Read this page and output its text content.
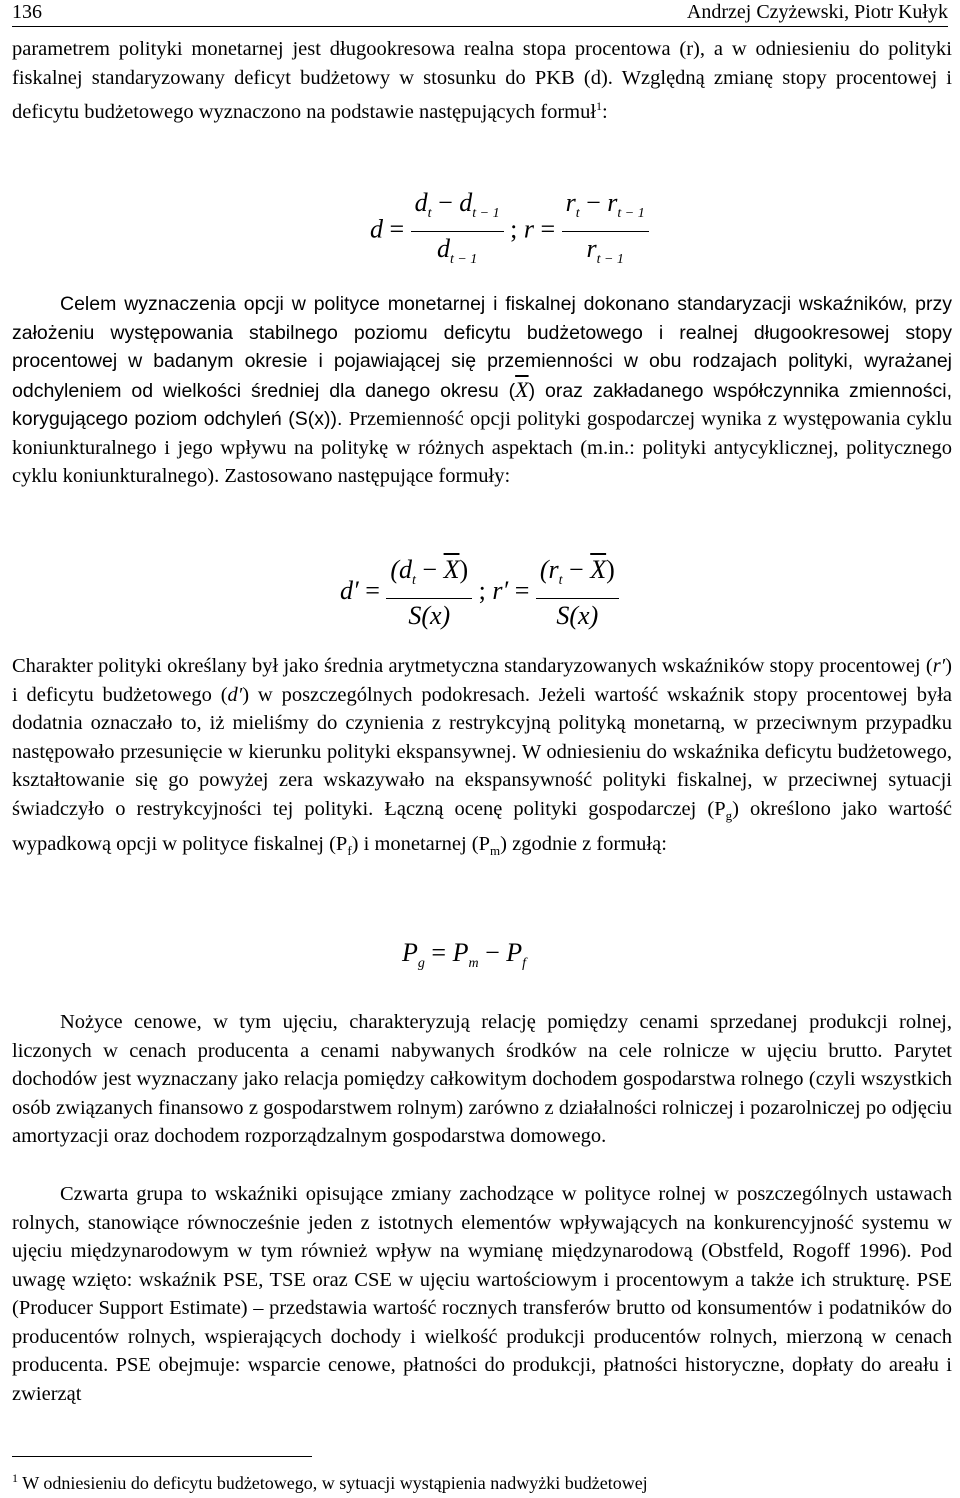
136	Andrzej Czyżewski, Piotr Kułyk

parametrem polityki monetarnej jest długookresowa realna stopa procentowa (r), a w odniesieniu do polityki fiskalnej standaryzowany deficyt budżetowy w stosunku do PKB (d). Względną zmianę stopy procentowej i deficytu budżetowego wyznaczono na podstawie następujących formuł$^1$:

$d = \frac{d_t - d_{t - 1}}{d_{t - 1}}$ ; $r = \frac{r_t - r_{t - 1}}{r_{t - 1}}$

Celem wyznaczenia opcji w polityce monetarnej i fiskalnej dokonano standaryzacji wskaźników, przy założeniu występowania stabilnego poziomu deficytu budżetowego i realnej długookresowej stopy procentowej w badanym okresie i pojawiającej się przemienności w obu rodzajach polityki, wyrażanej odchyleniem od wielkości średniej dla danego okresu $(\overline{X})$ oraz zakładanego współczynnika zmienności, korygującego poziom odchyleń (S(x)). Przemienność opcji polityki gospodarczej wynika z występowania cyklu koniunkturalnego i jego wpływu na politykę w różnych aspektach (m.in.: polityki antycyklicznej, politycznego cyklu koniunkturalnego). Zastosowano następujące formuły:

$d' = \frac{(d_t - \overline{X})}{S(x)}$ ; $r' = \frac{(r_t - \overline{X})}{S(x)}$

Charakter polityki określany był jako średnia arytmetyczna standaryzowanych wskaźników stopy procentowej (r′) i deficytu budżetowego (d′) w poszczególnych podokresach. Jeżeli wartość wskaźnik stopy procentowej była dodatnia oznaczało to, iż mieliśmy do czynienia z restrykcyjną polityką monetarną, w przeciwnym przypadku następowało przesunięcie w kierunku polityki ekspansywnej. W odniesieniu do wskaźnika deficytu budżetowego, kształtowanie się go powyżej zera wskazywało na ekspansywność polityki fiskalnej, w przeciwnej sytuacji świadczyło o restrykcyjności tej polityki. Łączną ocenę polityki gospodarczej $(P_g)$ określono jako wartość wypadkową opcji w polityce fiskalnej $(P_f)$ i monetarnej $(P_m)$ zgodnie z formułą:

$P_g = P_m - P_f$

Nożyce cenowe, w tym ujęciu, charakteryzują relację pomiędzy cenami sprzedanej produkcji rolnej, liczonych w cenach producenta a cenami nabywanych środków na cele rolnicze w ujęciu brutto. Parytet dochodów jest wyznaczany jako relacja pomiędzy całkowitym dochodem gospodarstwa rolnego (czyli wszystkich osób związanych finansowo z gospodarstwem rolnym) zarówno z działalności rolniczej i pozarolniczej po odjęciu amortyzacji oraz dochodem rozporządzalnym gospodarstwa domowego.

Czwarta grupa to wskaźniki opisujące zmiany zachodzące w polityce rolnej w poszczególnych ustawach rolnych, stanowiące równocześnie jeden z istotnych elementów wpływających na konkurencyjność systemu w ujęciu międzynarodowym w tym również wpływ na wymianę międzynarodową (Obstfeld, Rogoff 1996). Pod uwagę wzięto: wskaźnik PSE, TSE oraz CSE w ujęciu wartościowym i procentowym a także ich strukturę. PSE (Producer Support Estimate) – przedstawia wartość rocznych transferów brutto od konsumentów i podatników do producentów rolnych, wspierających dochody i wielkość produkcji producentów rolnych, mierzoną w cenach producenta. PSE obejmuje: wsparcie cenowe, płatności do produkcji, płatności historyczne, dopłaty do areału i zwierząt

$^1$ W odniesieniu do deficytu budżetowego, w sytuacji wystąpienia nadwyżki budżetowej
